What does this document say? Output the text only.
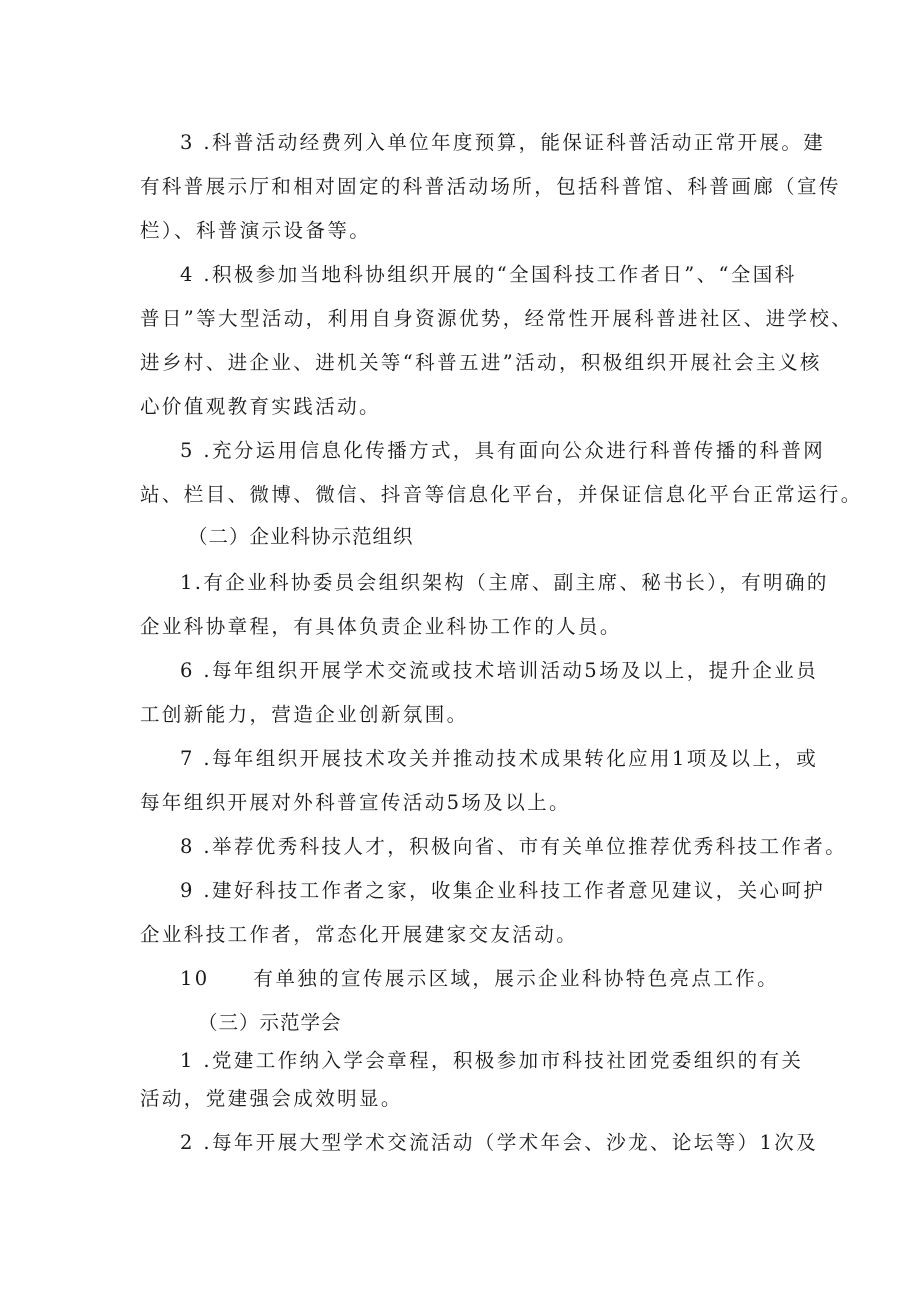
3 .科普活动经费列入单位年度预算，能保证科普活动正常开展。建
有科普展示厅和相对固定的科普活动场所，包括科普馆、科普画廊（宣传
栏）、科普演示设备等。
4 .积极参加当地科协组织开展的“全国科技工作者日”、“全国科
普日”等大型活动，利用自身资源优势，经常性开展科普进社区、进学校、
进乡村、进企业、进机关等“科普五进”活动，积极组织开展社会主义核
心价值观教育实践活动。
5 .充分运用信息化传播方式，具有面向公众进行科普传播的科普网
站、栏目、微博、微信、抖音等信息化平台，并保证信息化平台正常运行。
（二）企业科协示范组织
1.有企业科协委员会组织架构（主席、副主席、秘书长），有明确的
企业科协章程，有具体负责企业科协工作的人员。
6 .每年组织开展学术交流或技术培训活动5场及以上，提升企业员
工创新能力，营造企业创新氛围。
7 .每年组织开展技术攻关并推动技术成果转化应用1项及以上，或
每年组织开展对外科普宣传活动5场及以上。
8 .举荐优秀科技人才，积极向省、市有关单位推荐优秀科技工作者。
9 .建好科技工作者之家，收集企业科技工作者意见建议，关心呵护
企业科技工作者，常态化开展建家交友活动。
10　　有单独的宣传展示区域，展示企业科协特色亮点工作。
（三）示范学会
1 .党建工作纳入学会章程，积极参加市科技社团党委组织的有关
活动，党建强会成效明显。
2 .每年开展大型学术交流活动（学术年会、沙龙、论坛等）1次及
